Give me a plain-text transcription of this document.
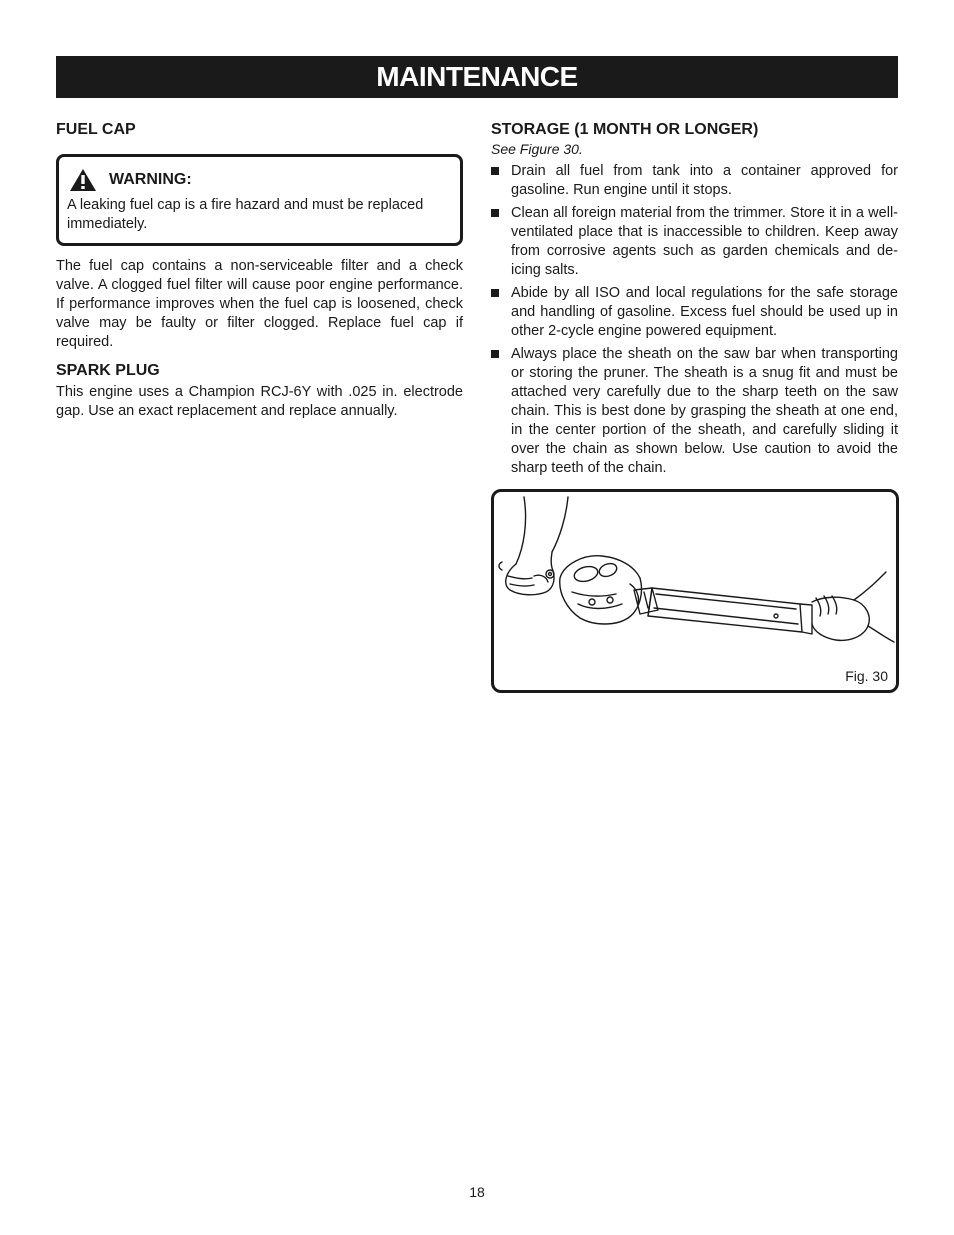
MAINTENANCE
FUEL CAP
WARNING:
A leaking fuel cap is a fire hazard and must be replaced immediately.

The fuel cap contains a non-serviceable filter and a check valve. A clogged fuel filter will cause poor engine performance. If performance improves when the fuel cap is loosened, check valve may be faulty or filter clogged. Replace fuel cap if required.

SPARK PLUG

This engine uses a Champion RCJ-6Y with .025 in. electrode gap. Use an exact replacement and replace annually.

STORAGE (1 MONTH OR LONGER)
See Figure 30.
Drain all fuel from tank into a container approved for gasoline. Run engine until it stops.
Clean all foreign material from the trimmer. Store it in a well-ventilated place that is inaccessible to children. Keep away from corrosive agents such as garden chemicals and de-icing salts.
Abide by all ISO and local regulations for the safe storage and handling of gasoline. Excess fuel should be used up in other 2-cycle engine powered equipment.
Always place the sheath on the saw bar when transporting or storing the pruner. The sheath is a snug fit and must be attached very carefully due to the sharp teeth on the saw chain. This is best done by grasping the sheath at one end, in the center portion of the sheath, and carefully sliding it over the chain as shown below. Use caution to avoid the sharp teeth of the chain.
Fig. 30
18
